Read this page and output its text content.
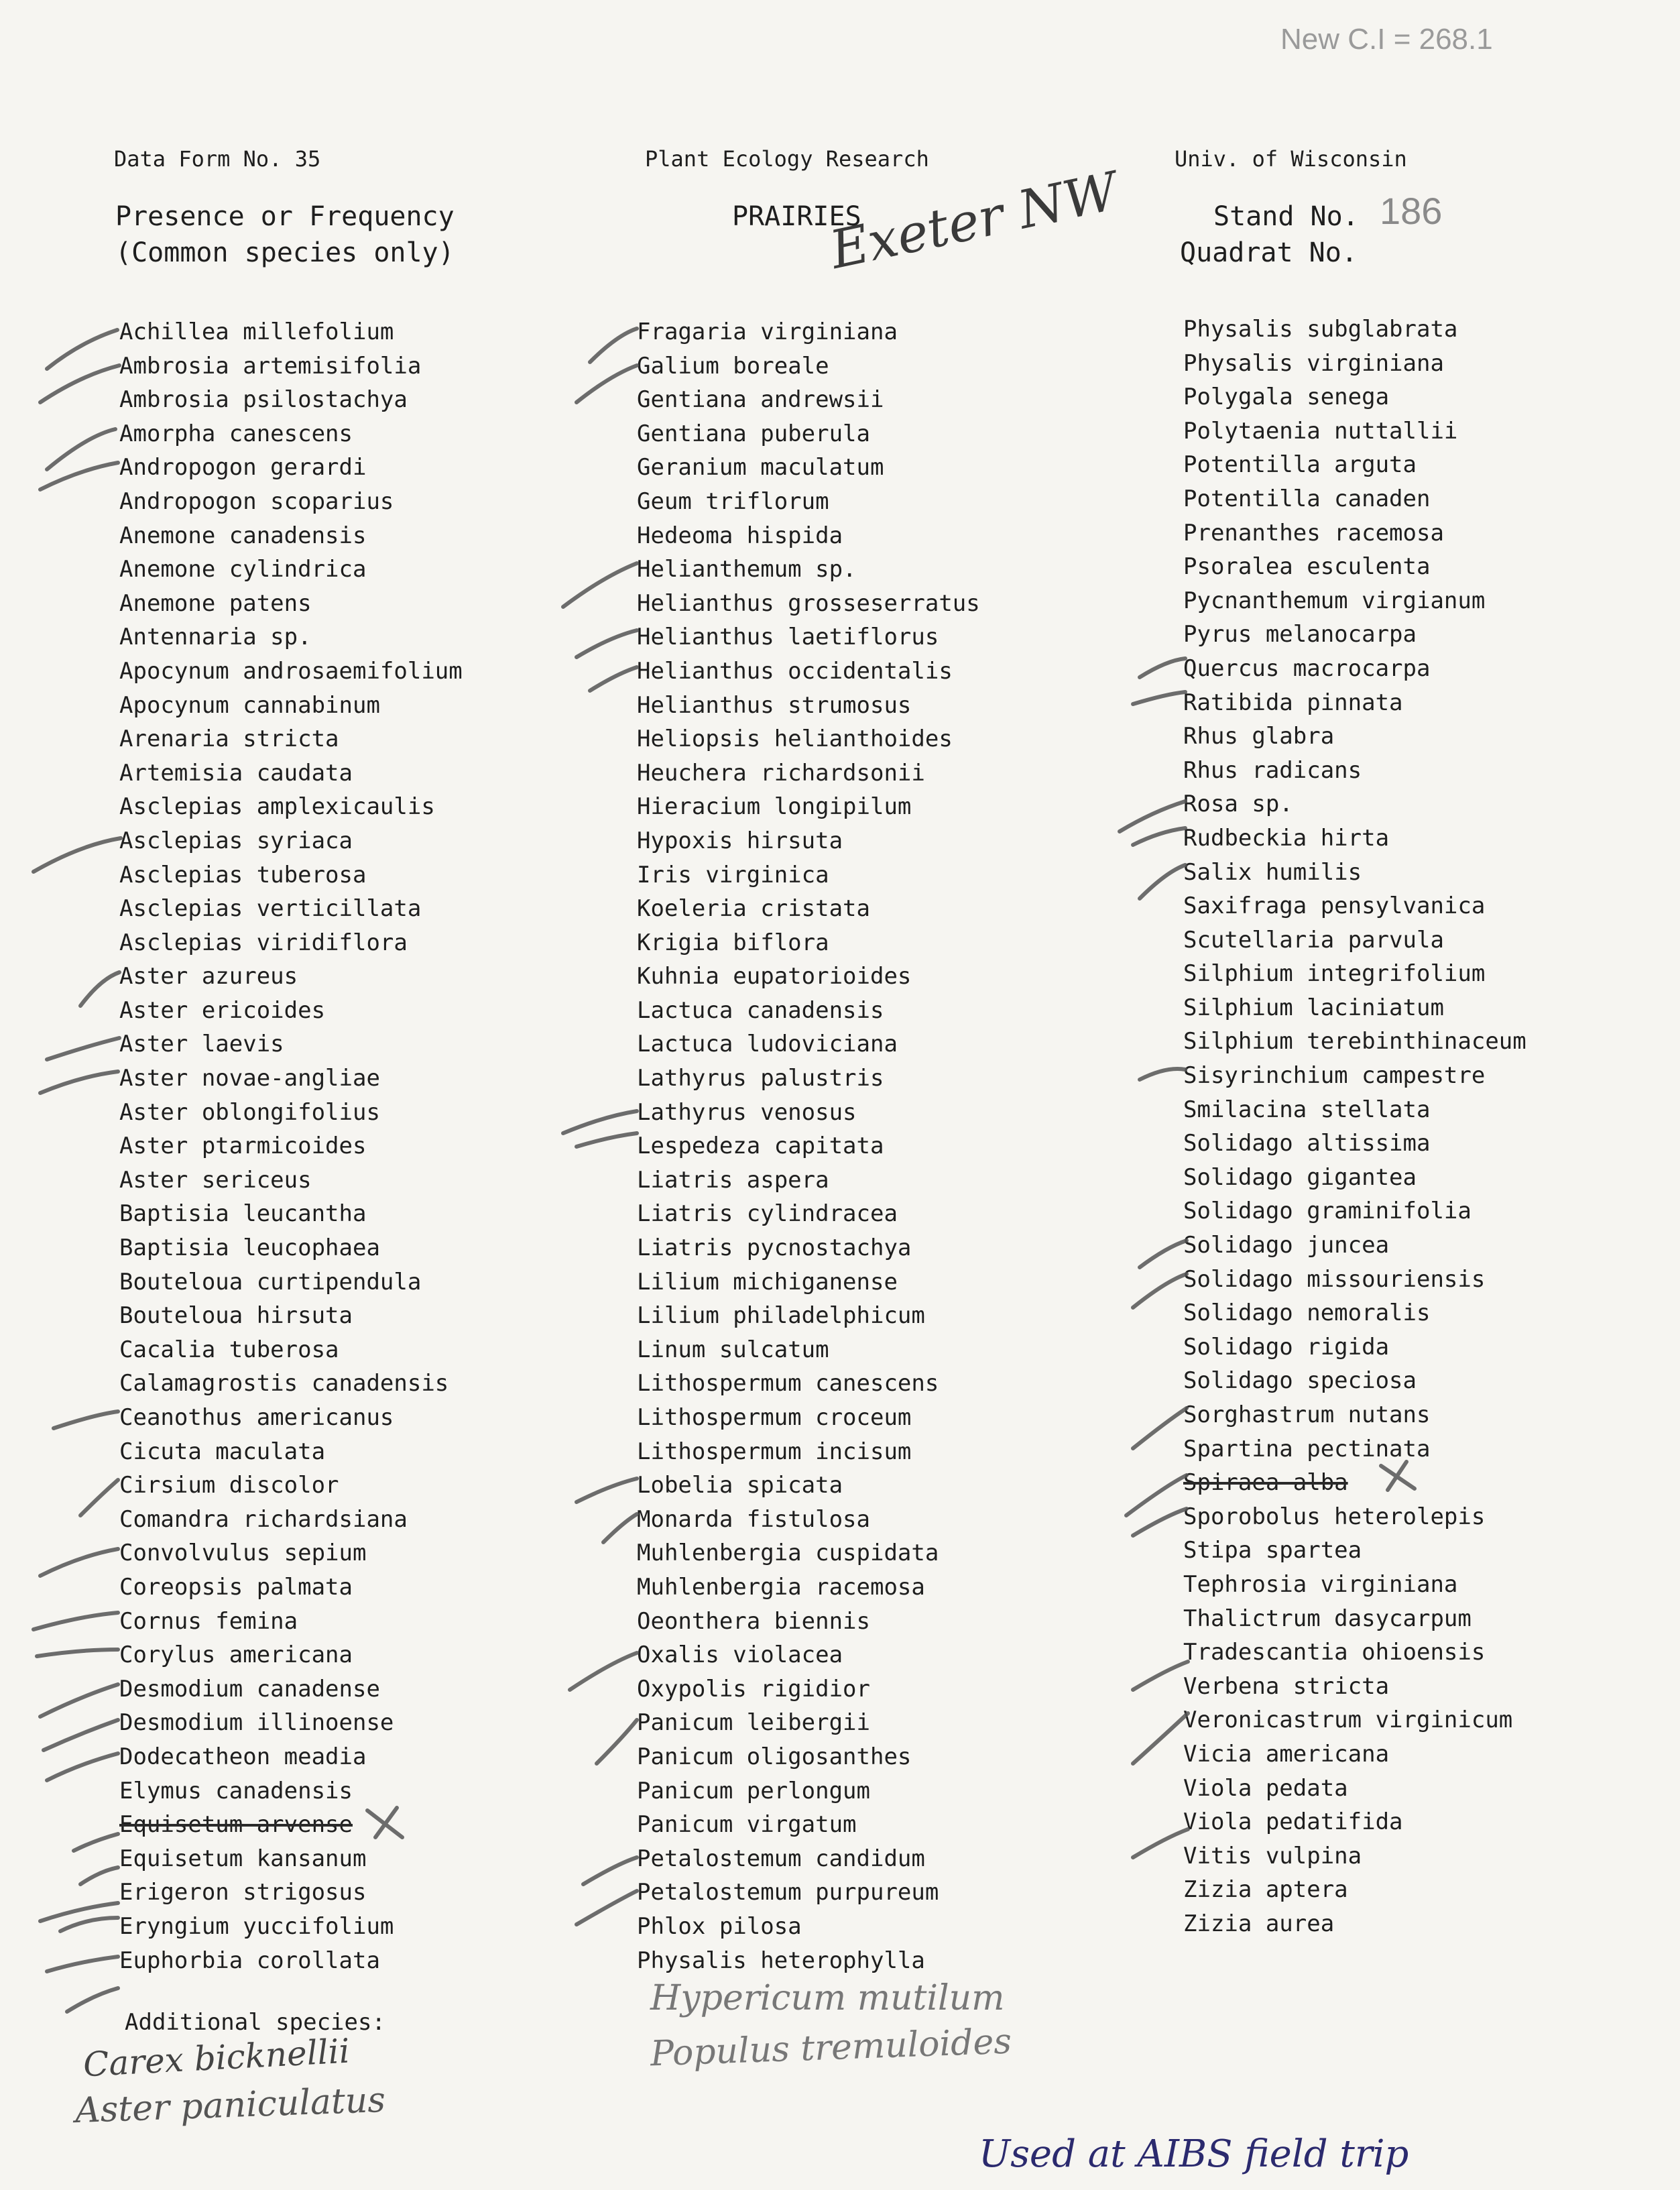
New C.I = 268.1
Data Form No. 35	Plant Ecology Research	Univ. of Wisconsin
Presence or Frequency
(Common species only)
PRAIRIES
Exeter NW	Stand No. 186
Quadrat No.
Achillea millefolium
Ambrosia artemisifolia
Ambrosia psilostachya
Amorpha canescens
Andropogon gerardi
Andropogon scoparius
Anemone canadensis
Anemone cylindrica
Anemone patens
Antennaria sp.
Apocynum androsaemifolium
Apocynum cannabinum
Arenaria stricta
Artemisia caudata
Asclepias amplexicaulis
Asclepias syriaca
Asclepias tuberosa
Asclepias verticillata
Asclepias viridiflora
Aster azureus
Aster ericoides
Aster laevis
Aster novae-angliae
Aster oblongifolius
Aster ptarmicoides
Aster sericeus
Baptisia leucantha
Baptisia leucophaea
Bouteloua curtipendula
Bouteloua hirsuta
Cacalia tuberosa
Calamagrostis canadensis
Ceanothus americanus
Cicuta maculata
Cirsium discolor
Comandra richardsiana
Convolvulus sepium
Coreopsis palmata
Cornus femina
Corylus americana
Desmodium canadense
Desmodium illinoense
Dodecatheon meadia
Elymus canadensis
Equisetum arvense
Equisetum kansanum
Erigeron strigosus
Eryngium yuccifolium
Euphorbia corollata
Fragaria virginiana
Galium boreale
Gentiana andrewsii
Gentiana puberula
Geranium maculatum
Geum triflorum
Hedeoma hispida
Helianthemum sp.
Helianthus grosseserratus
Helianthus laetiflorus
Helianthus occidentalis
Helianthus strumosus
Heliopsis helianthoides
Heuchera richardsonii
Hieracium longipilum
Hypoxis hirsuta
Iris virginica
Koeleria cristata
Krigia biflora
Kuhnia eupatorioides
Lactuca canadensis
Lactuca ludoviciana
Lathyrus palustris
Lathyrus venosus
Lespedeza capitata
Liatris aspera
Liatris cylindracea
Liatris pycnostachya
Lilium michiganense
Lilium philadelphicum
Linum sulcatum
Lithospermum canescens
Lithospermum croceum
Lithospermum incisum
Lobelia spicata
Monarda fistulosa
Muhlenbergia cuspidata
Muhlenbergia racemosa
Oeonthera biennis
Oxalis violacea
Oxypolis rigidior
Panicum leibergii
Panicum oligosanthes
Panicum perlongum
Panicum virgatum
Petalostemum candidum
Petalostemum purpureum
Phlox pilosa
Physalis heterophylla
Physalis subglabrata
Physalis virginiana
Polygala senega
Polytaenia nuttallii
Potentilla arguta
Potentilla canaden
Prenanthes racemosa
Psoralea esculenta
Pycnanthemum virgianum
Pyrus melanocarpa
Quercus macrocarpa
Ratibida pinnata
Rhus glabra
Rhus radicans
Rosa sp.
Rudbeckia hirta
Salix humilis
Saxifraga pensylvanica
Scutellaria parvula
Silphium integrifolium
Silphium laciniatum
Silphium terebinthinaceum
Sisyrinchium campestre
Smilacina stellata
Solidago altissima
Solidago gigantea
Solidago graminifolia
Solidago juncea
Solidago missouriensis
Solidago nemoralis
Solidago rigida
Solidago speciosa
Sorghastrum nutans
Spartina pectinata
Spiraea alba
Sporobolus heterolepis
Stipa spartea
Tephrosia virginiana
Thalictrum dasycarpum
Tradescantia ohioensis
Verbena stricta
Veronicastrum virginicum
Vicia americana
Viola pedata
Viola pedatifida
Vitis vulpina
Zizia aptera
Zizia aurea
Additional species:
Carex bicknellii
Aster paniculatus
Hypericum mutilum
Populus tremuloides
Used at AIBS field trip
